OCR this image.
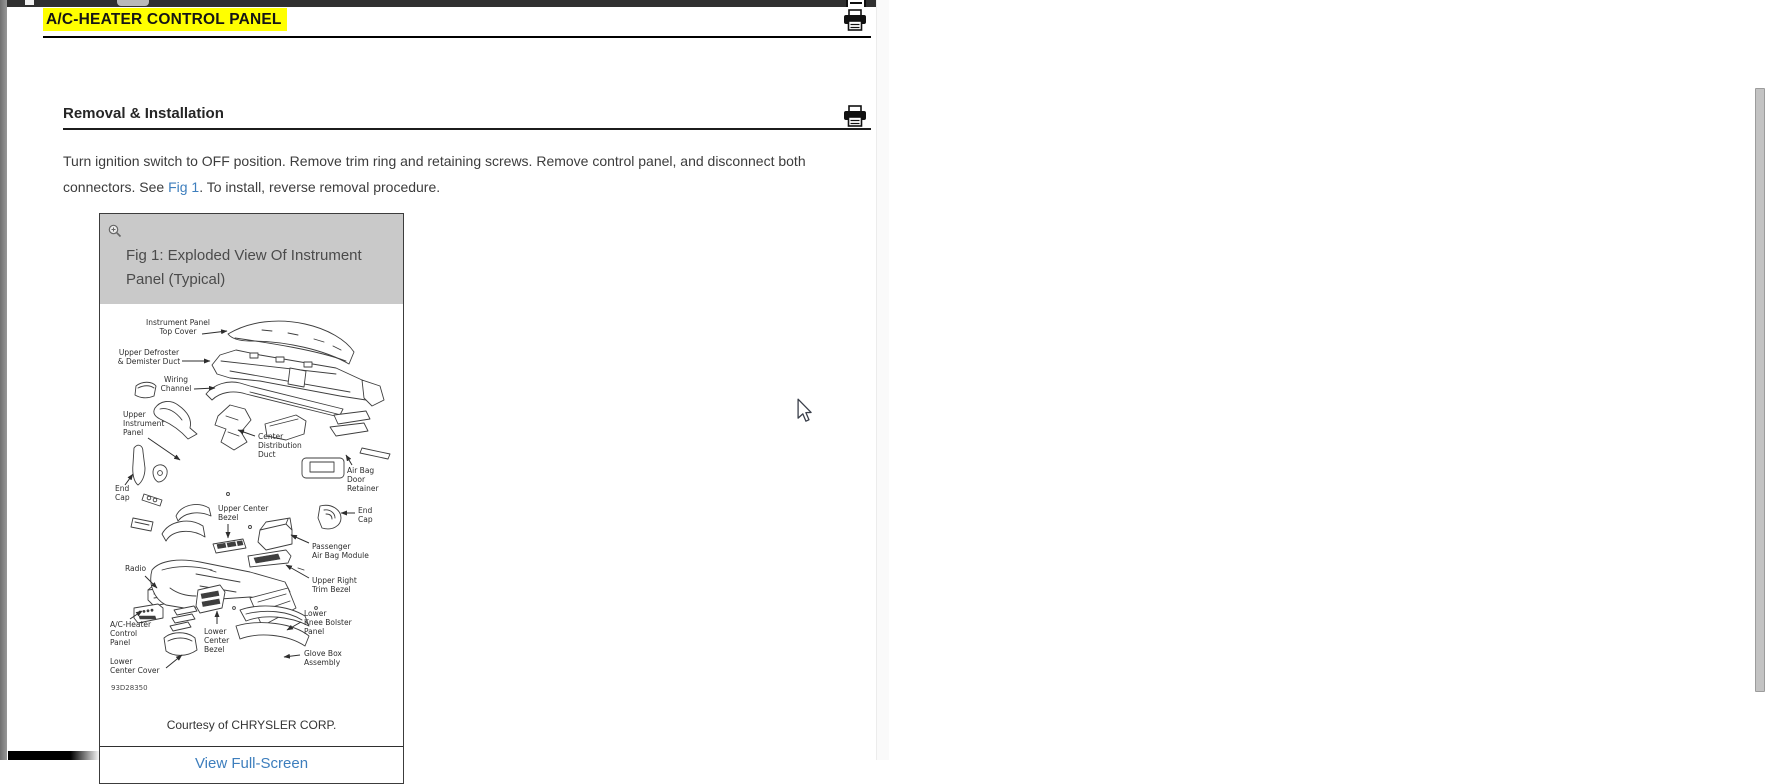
A/C-HEATER CONTROL PANEL
Removal & Installation
Turn ignition switch to OFF position. Remove trim ring and retaining screws. Remove control panel, and disconnect both connectors. See Fig 1. To install, reverse removal procedure.
Fig 1: Exploded View Of Instrument Panel (Typical)
Instrument Panel Top Cover
Upper Defroster & Demister Duct
Wiring Channel
Upper Instrument Panel	Center Distribution Duct
Air Bag Door Retainer
End Cap
Upper Center Bezel
End Cap
Passenger Air Bag Module
Radio
Upper Right Trim Bezel
A/C-Heater Control Panel
Lower Center Bezel
Lower Knee Bolster Panel
Glove Box Assembly
Lower Center Cover
93D28350
Courtesy of CHRYSLER CORP.
View Full-Screen
